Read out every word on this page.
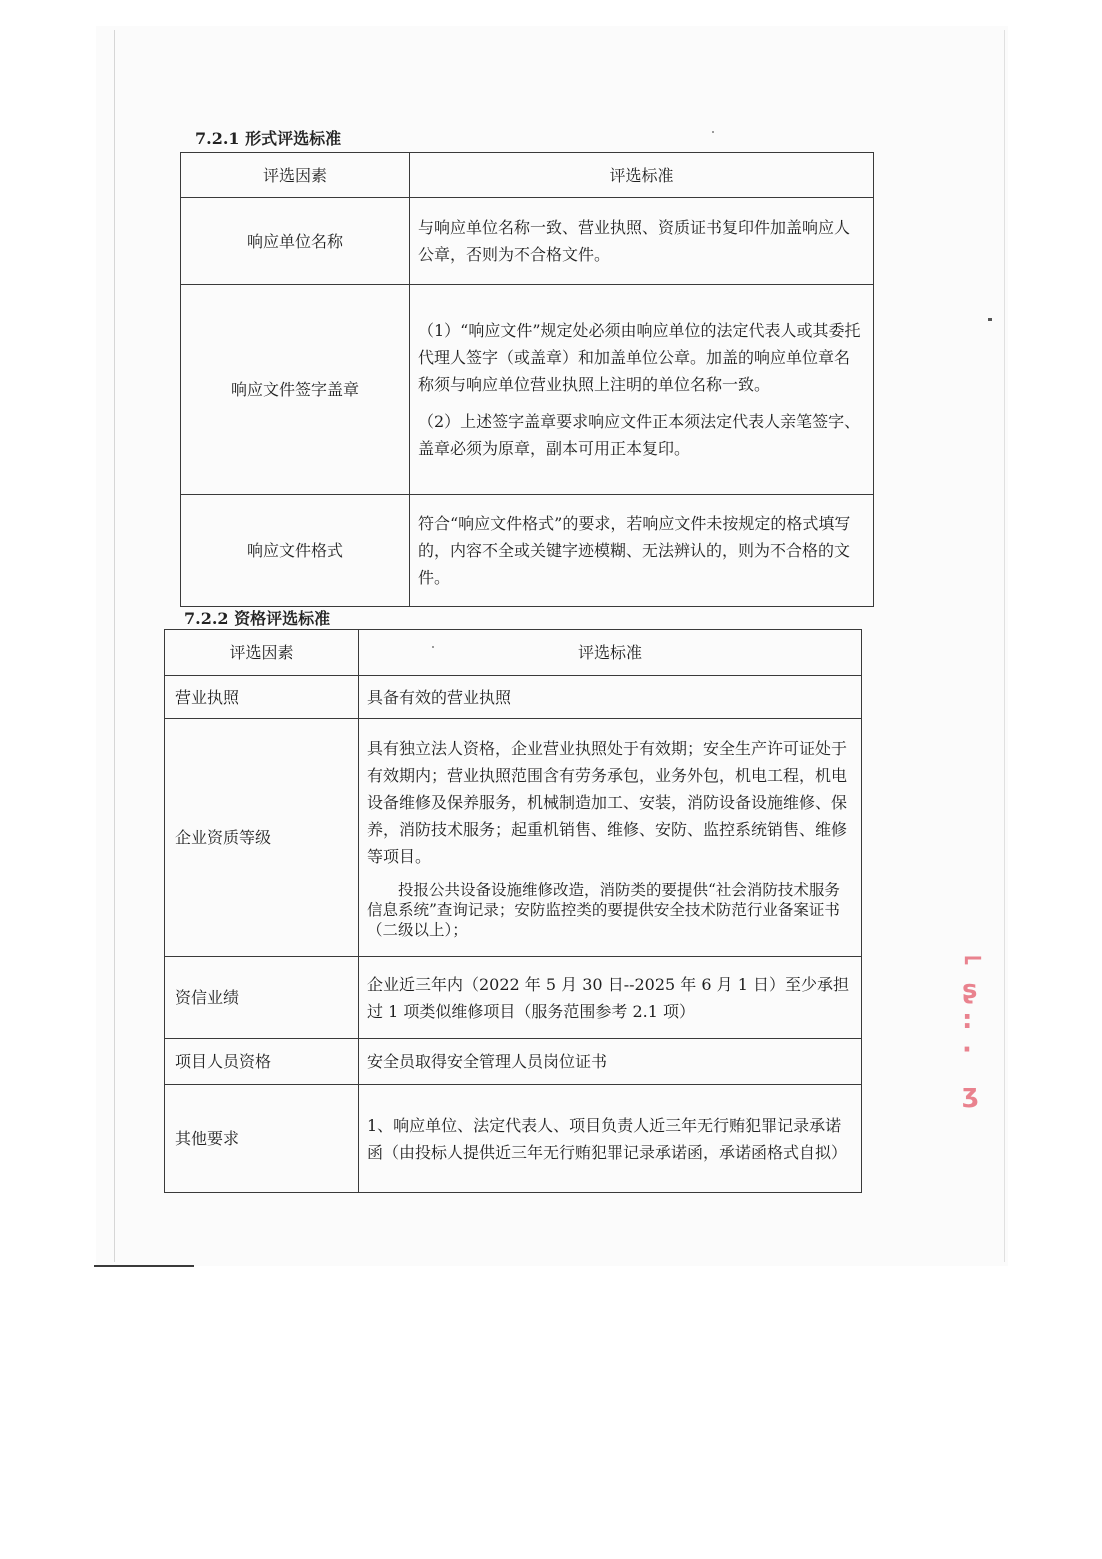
⌐
ʂ
:
·
ʒ
7.2.1 形式评选标准
评选因素	评选标准
响应单位名称	与响应单位名称一致、营业执照、资质证书复印件加盖响应人公章，否则为不合格文件。

响应文件签字盖章	（1）“响应文件”规定处必须由响应单位的法定代表人或其委托代理人签字（或盖章）和加盖单位公章。加盖的响应单位章名称须与响应单位营业执照上注明的单位名称一致。
（2）上述签字盖章要求响应文件正本须法定代表人亲笔签字、盖章必须为原章，副本可用正本复印。

响应文件格式	符合“响应文件格式”的要求，若响应文件未按规定的格式填写的，内容不全或关键字迹模糊、无法辨认的，则为不合格的文件。
7.2.2 资格评选标准
评选因素	评选标准
营业执照	具备有效的营业执照

企业资质等级	具有独立法人资格，企业营业执照处于有效期；安全生产许可证处于有效期内；营业执照范围含有劳务承包，业务外包，机电工程，机电设备维修及保养服务，机械制造加工、安装，消防设备设施维修、保养，消防技术服务；起重机销售、维修、安防、监控系统销售、维修等项目。
投报公共设备设施维修改造，消防类的要提供“社会消防技术服务信息系统”查询记录；安防监控类的要提供安全技术防范行业备案证书（二级以上）；

资信业绩	企业近三年内（2022 年 5 月 30 日--2025 年 6 月 1 日）至少承担过 1 项类似维修项目（服务范围参考 2.1 项）

项目人员资格	安全员取得安全管理人员岗位证书

其他要求	1、响应单位、法定代表人、项目负责人近三年无行贿犯罪记录承诺函（由投标人提供近三年无行贿犯罪记录承诺函，承诺函格式自拟）
